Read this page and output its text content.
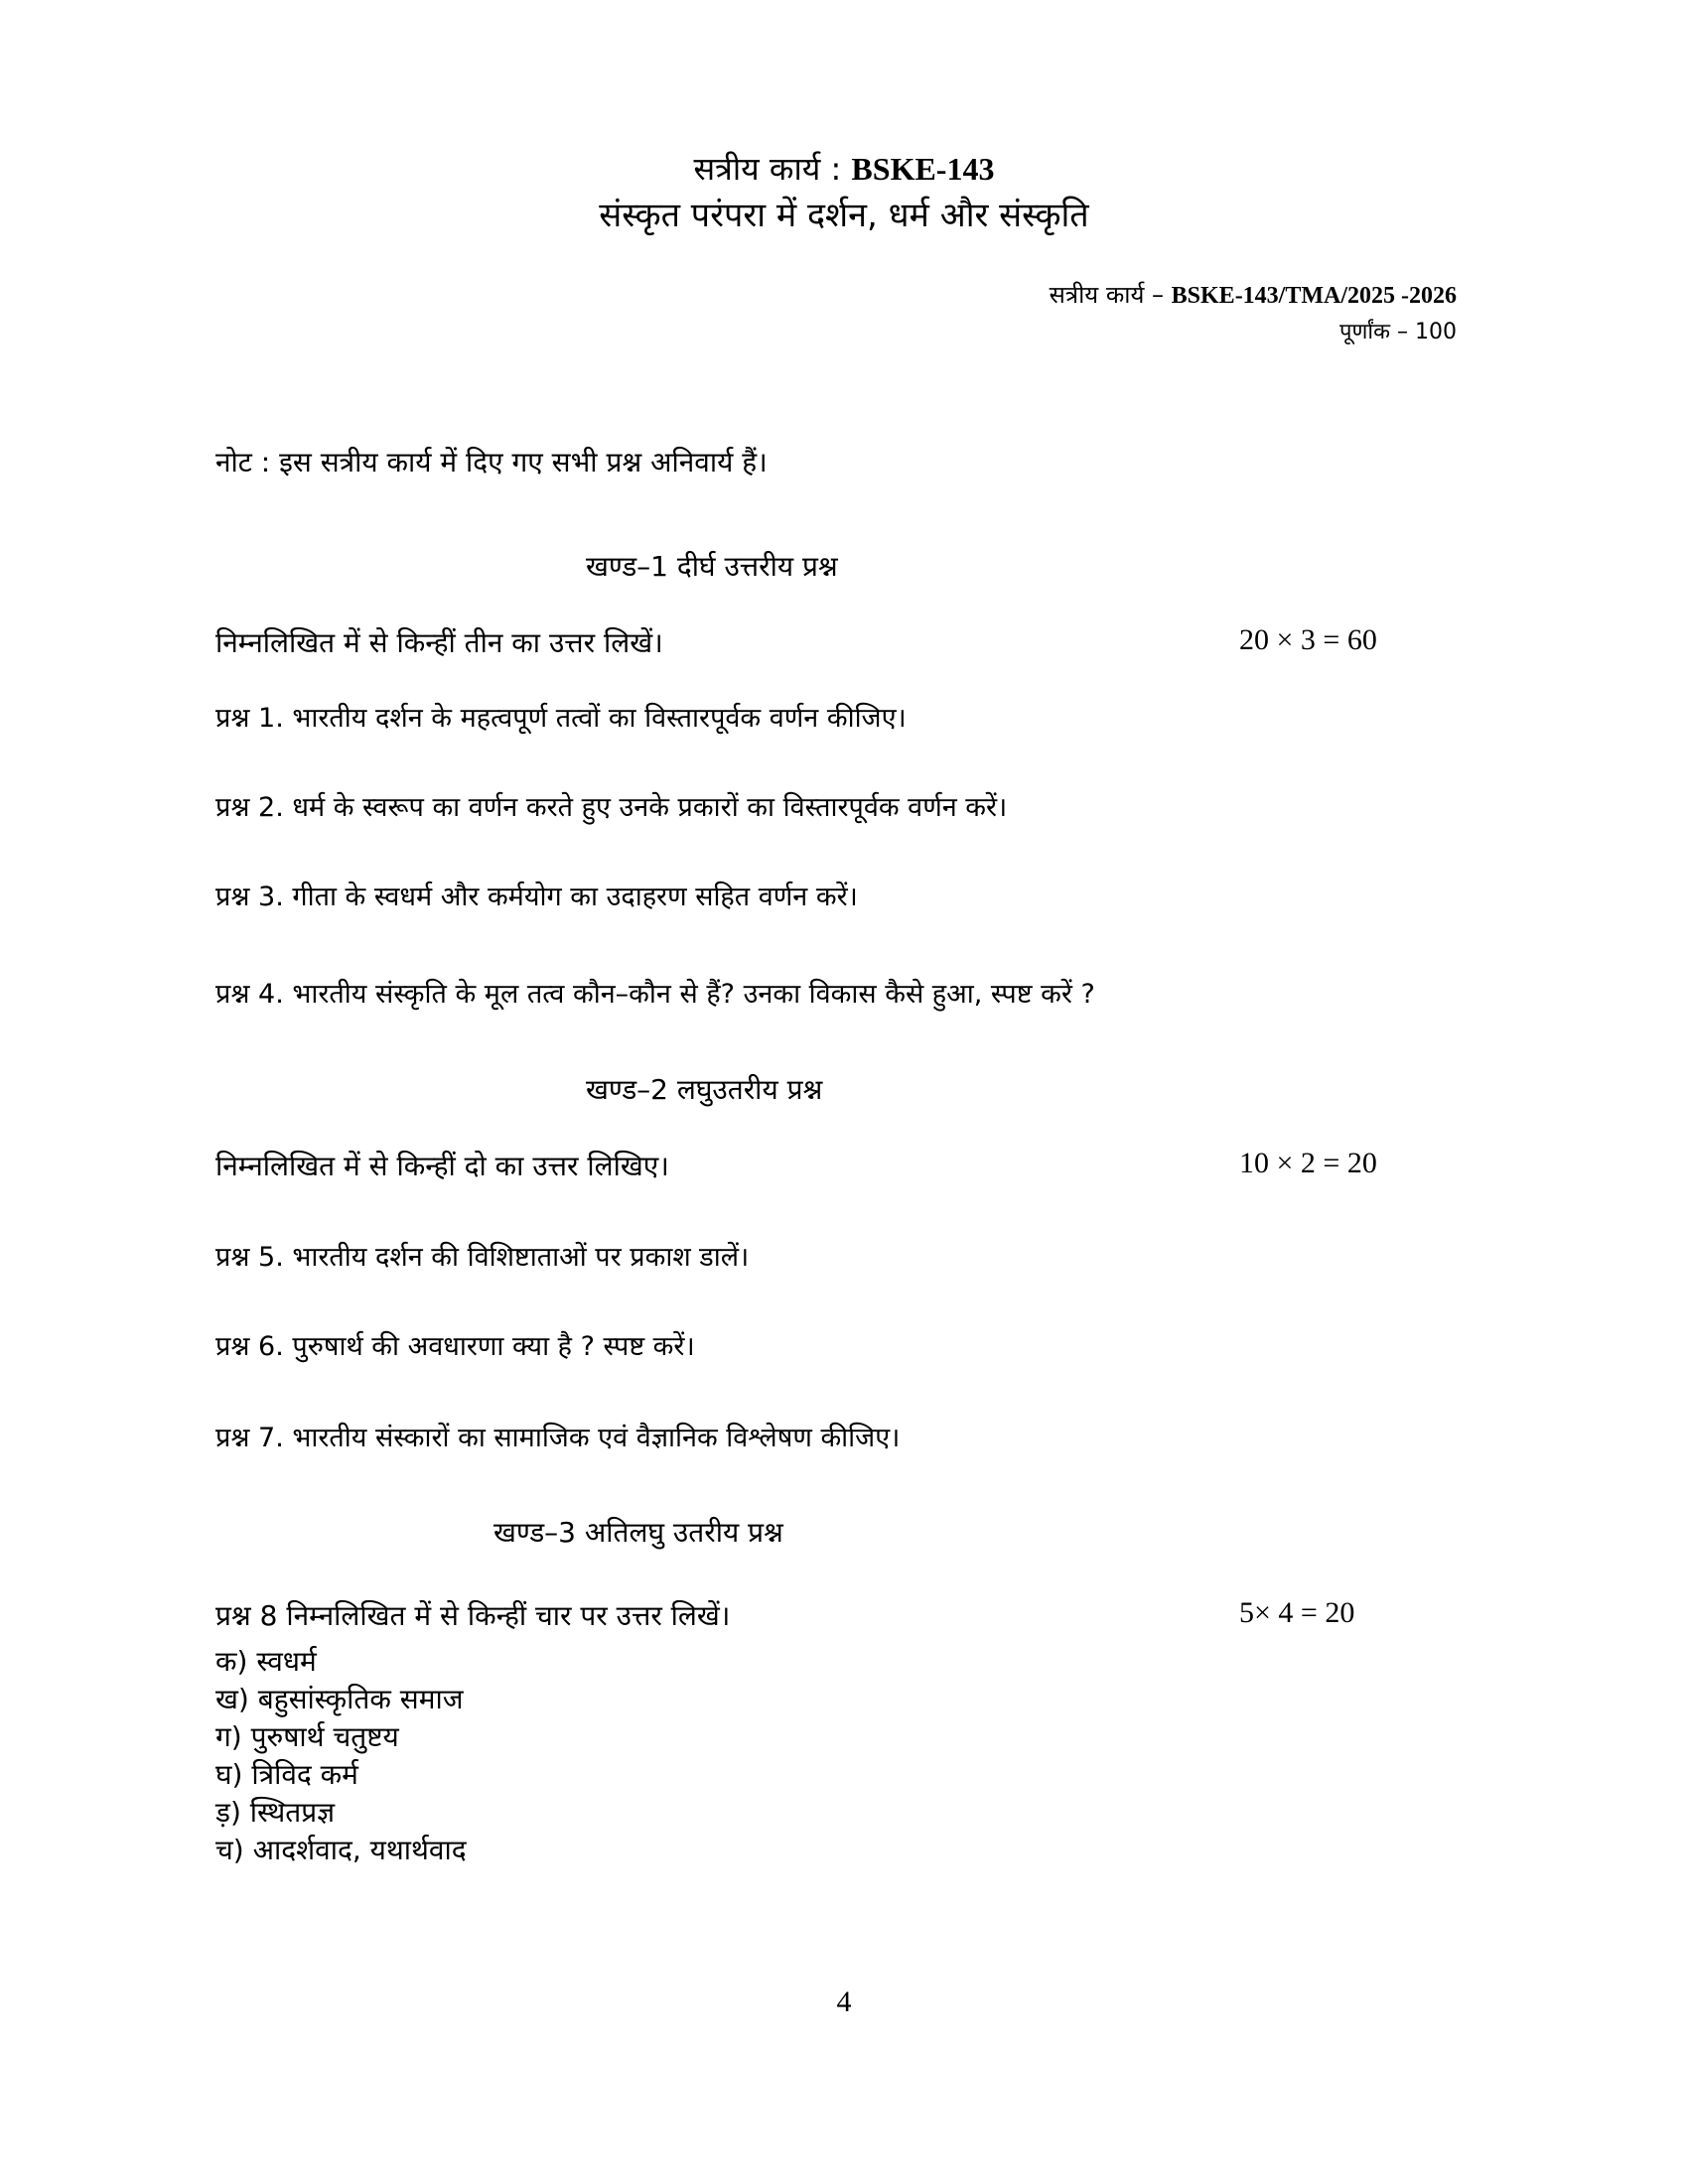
सत्रीय कार्य : BSKE-143
संस्कृत परंपरा में दर्शन, धर्म और संस्कृति
सत्रीय कार्य – BSKE-143/TMA/2025 -2026
पूर्णांक – 100
नोट : इस सत्रीय कार्य में दिए गए सभी प्रश्न अनिवार्य हैं।
खण्ड–1 दीर्घ उत्तरीय प्रश्न
निम्नलिखित में से किन्हीं तीन का उत्तर लिखें।	20 × 3 = 60
प्रश्न 1. भारतीय दर्शन के महत्वपूर्ण तत्वों का विस्तारपूर्वक वर्णन कीजिए।
प्रश्न 2. धर्म के स्वरूप का वर्णन करते हुए उनके प्रकारों का विस्तारपूर्वक वर्णन करें।
प्रश्न 3. गीता के स्वधर्म और कर्मयोग का उदाहरण सहित वर्णन करें।
प्रश्न 4. भारतीय संस्कृति के मूल तत्व कौन–कौन से हैं? उनका विकास कैसे हुआ, स्पष्ट करें ?
खण्ड–2 लघुउतरीय प्रश्न
निम्नलिखित में से किन्हीं दो का उत्तर लिखिए।	10 × 2 = 20
प्रश्न 5. भारतीय दर्शन की विशिष्टाताओं पर प्रकाश डालें।
प्रश्न 6. पुरुषार्थ की अवधारणा क्या है ? स्पष्ट करें।
प्रश्न 7. भारतीय संस्कारों का सामाजिक एवं वैज्ञानिक विश्लेषण कीजिए।
खण्ड–3 अतिलघु उतरीय प्रश्न
प्रश्न 8 निम्नलिखित में से किन्हीं चार पर उत्तर लिखें।	5× 4 = 20
क) स्वधर्म
ख) बहुसांस्कृतिक समाज
ग) पुरुषार्थ चतुष्टय
घ) त्रिविद कर्म
ड़) स्थितप्रज्ञ
च) आदर्शवाद, यथार्थवाद
4
